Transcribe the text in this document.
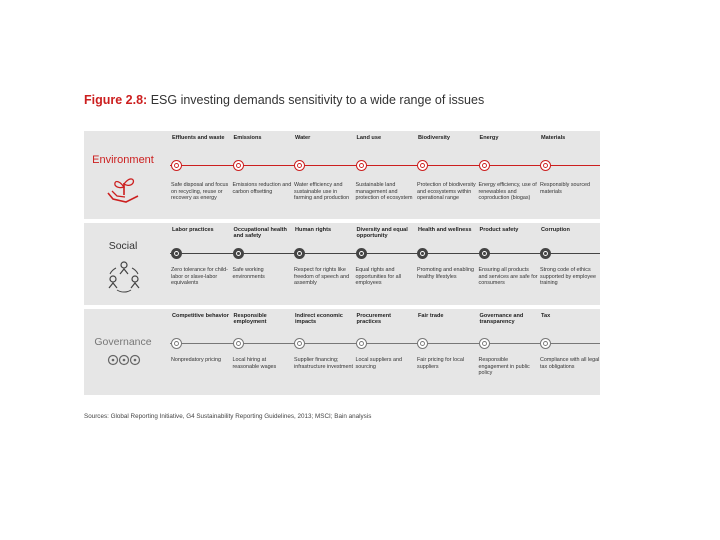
Figure 2.8: ESG investing demands sensitivity to a wide range of issues
Environment
Effluents and waste
Safe disposal and focus on recycling, reuse or recovery as energy
Emissions
Emissions reduction and carbon offsetting
Water
Water efficiency and sustainable use in farming and production
Land use
Sustainable land management and protection of ecosystem
Biodiversity
Protection of biodiversity and ecosystems within operational range
Energy
Energy efficiency, use of renewables and coproduction (biogas)
Materials
Responsibly sourced materials
Social
Labor practices
Zero tolerance for child-labor or slave-labor equivalents
Occupational health and safety
Safe working environments
Human rights
Respect for rights like freedom of speech and assembly
Diversity and equal opportunity
Equal rights and opportunities for all employees
Health and wellness
Promoting and enabling healthy lifestyles
Product safety
Ensuring all products and services are safe for consumers
Corruption
Strong code of ethics supported by employee training
Governance
Competitive behavior
Nonpredatory pricing
Responsible employment
Local hiring at reasonable wages
Indirect economic impacts
Supplier financing; infrastructure investment
Procurement practices
Local suppliers and sourcing
Fair trade
Fair pricing for local suppliers
Governance and transparency
Responsible engagement in public policy
Tax
Compliance with all legal tax obligations
Sources: Global Reporting Initiative, G4 Sustainability Reporting Guidelines, 2013; MSCI; Bain analysis
